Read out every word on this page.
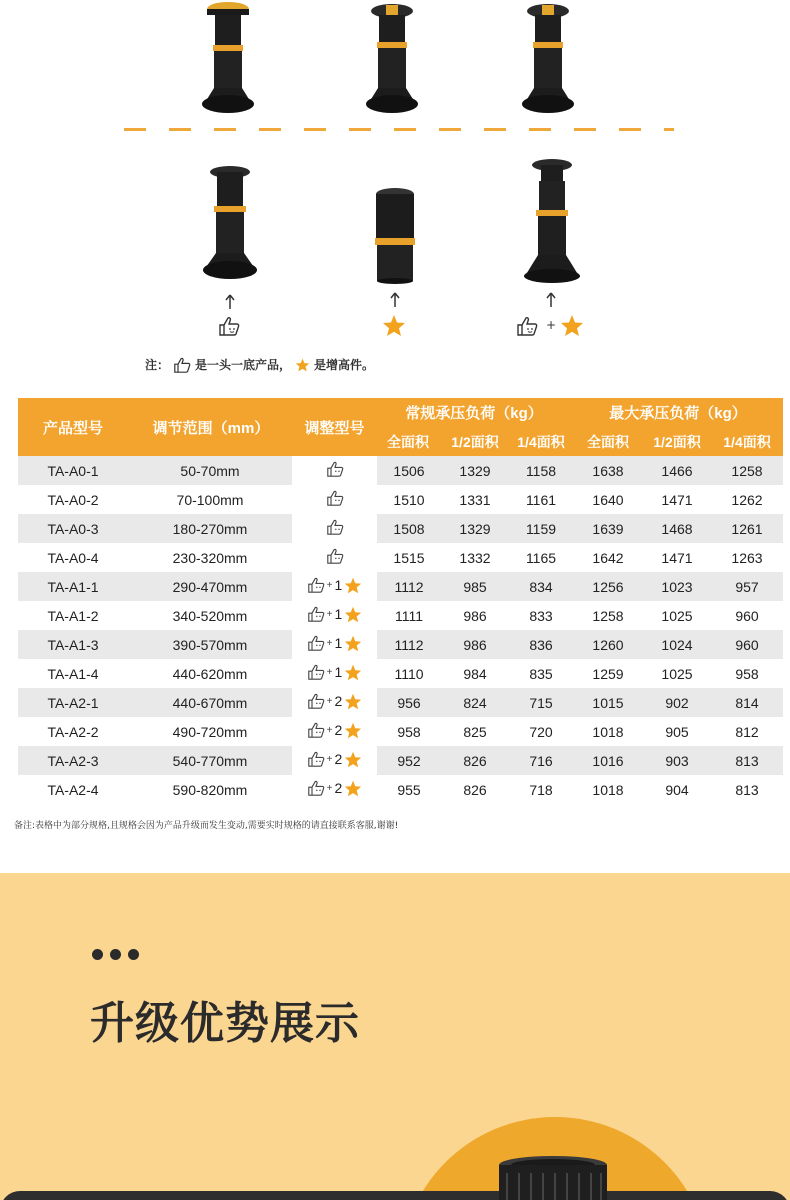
+
注： 是一头一底产品， 是增高件。
产品型号	调节范围（mm）	调整型号	常规承压负荷（kg）			最大承压负荷（kg）		
			全面积	1/2面积	1/4面积	全面积	1/2面积	1/4面积
TA-A0-1	50-70mm		1506	1329	1158	1638	1466	1258
TA-A0-2	70-100mm		1510	1331	1161	1640	1471	1262
TA-A0-3	180-270mm		1508	1329	1159	1639	1468	1261
TA-A0-4	230-320mm		1515	1332	1165	1642	1471	1263
TA-A1-1	290-470mm	+ 1	1112	985	834	1256	1023	957
TA-A1-2	340-520mm	+ 1	1111	986	833	1258	1025	960
TA-A1-3	390-570mm	+ 1	1112	986	836	1260	1024	960
TA-A1-4	440-620mm	+ 1	1110	984	835	1259	1025	958
TA-A2-1	440-670mm	+ 2	956	824	715	1015	902	814
TA-A2-2	490-720mm	+ 2	958	825	720	1018	905	812
TA-A2-3	540-770mm	+ 2	952	826	716	1016	903	813
TA-A2-4	590-820mm	+ 2	955	826	718	1018	904	813
备注:表格中为部分规格,且规格会因为产品升级而发生变动,需要实时规格的请直接联系客服,谢谢!
升级优势展示
